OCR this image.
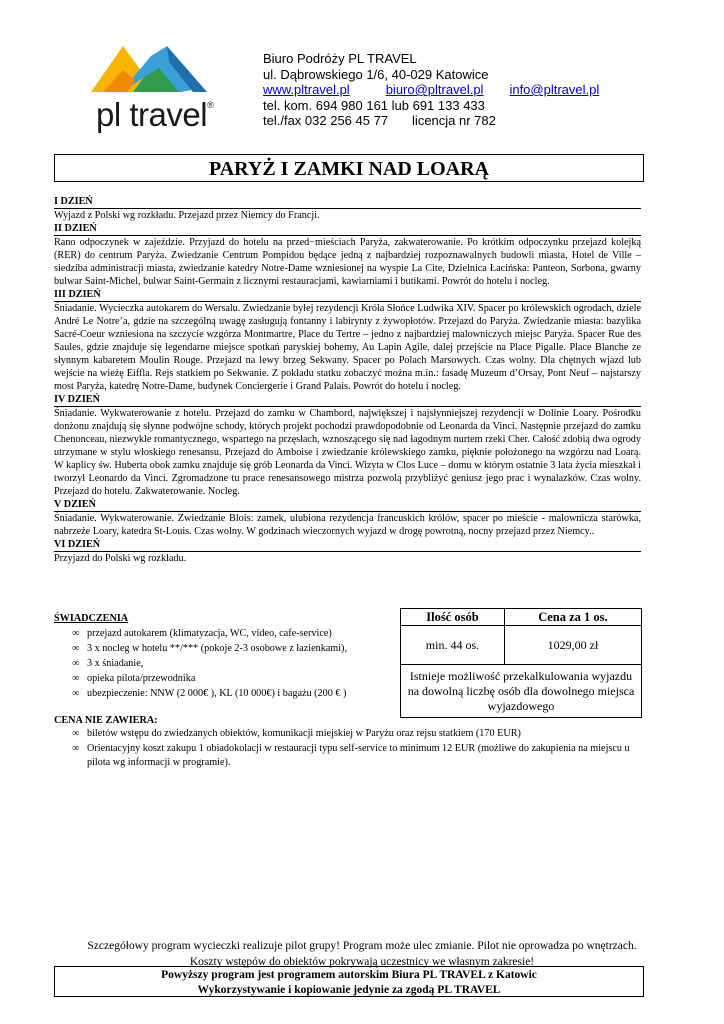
pl travel®
Biuro Podróży PL TRAVEL
ul. Dąbrowskiego 1/6, 40-029 Katowice
www.pltravel.pl	biuro@pltravel.pl info@pltravel.pl
tel. kom. 694 980 161 lub 691 133 433
tel./fax 032 256 45 77 licencja nr 782
PARYŻ I ZAMKI NAD LOARĄ
I DZIEŃ
Wyjazd z Polski wg rozkładu. Przejazd przez Niemcy do Francji.
II DZIEŃ
Rano odpoczynek w zajeździe. Przyjazd do hotelu na przed−mieściach Paryża, zakwaterowanie. Po krótkim odpoczynku przejazd kolejką (RER) do centrum Paryża. Zwiedzanie Centrum Pompidou będące jedną z najbardziej rozpoznawalnych budowli miasta, Hotel de Ville – siedziba administracji miasta, zwiedzanie katedry Notre-Dame wzniesionej na wyspie La Cite, Dzielnica Łacińska: Panteon, Sorbona, gwarny bulwar Saint-Michel, bulwar Saint-Germain z licznymi restauracjami, kawiarniami i butikami. Powrót do hotelu i nocleg.
III DZIEŃ
Śniadanie. Wycieczka autokarem do Wersalu. Zwiedzanie byłej rezydencji Króla Słońce Ludwika XIV. Spacer po królewskich ogrodach, dziele André Le Notre’a, gdzie na szczególną uwagę zasługują fontanny i labirynty z żywopłotów. Przejazd do Paryża. Zwiedzanie miasta: bazylika Sacré-Coeur wzniesiona na szczycie wzgórza Montmartre, Place du Tertre – jedno z najbardziej malowniczych miejsc Paryża. Spacer Rue des Saules, gdzie znajduje się legendarne miejsce spotkań paryskiej bohemy, Au Lapin Agile, dalej przejście na Place Pigalle. Place Blanche ze słynnym kabaretem Moulin Rouge. Przejazd na lewy brzeg Sekwany. Spacer po Polach Marsowych. Czas wolny. Dla chętnych wjazd lub wejście na wieżę Eiffla. Rejs statkiem po Sekwanie. Z pokładu statku zobaczyć można m.in.: fasadę Muzeum d’Orsay, Pont Neuf – najstarszy most Paryża, katedrę Notre-Dame, budynek Conciergerie i Grand Palais. Powrót do hotelu i nocleg.
IV DZIEŃ
Śniadanie. Wykwaterowanie z hotelu. Przejazd do zamku w Chambord, największej i najsłynniejszej rezydencji w Dolinie Loary. Pośrodku donżonu znajdują się słynne podwójne schody, których projekt pochodzi prawdopodobnie od Leonarda da Vinci. Następnie przejazd do zamku Chenonceau, niezwykle romantycznego, wspartego na przęsłach, wznoszącego się nad łagodnym nurtem rzeki Cher. Całość zdobią dwa ogrody utrzymane w stylu włoskiego renesansu. Przejazd do Amboise i zwiedzanie królewskiego zamku, pięknie położonego na wzgórzu nad Loarą. W kaplicy św. Huberta obok zamku znajduje się grób Leonarda da Vinci. Wizyta w Clos Luce – domu w którym ostatnie 3 lata życia mieszkał i tworzył Leonardo da Vinci. Zgromadzone tu prace renesansowego mistrza pozwolą przybliżyć geniusz jego prac i wynalazków. Czas wolny. Przejazd do hotelu. Zakwaterowanie. Nocleg.
V DZIEŃ
Śniadanie. Wykwaterowanie. Zwiedzanie Blois: zamek, ulubiona rezydencja francuskich królów, spacer po mieście - malownicza starówka, nabrzeże Loary, katedra St-Louis. Czas wolny. W godzinach wieczornych wyjazd w drogę powrotną, nocny przejazd przez Niemcy..
VI DZIEŃ
Przyjazd do Polski wg rozkładu.
ŚWIADCZENIA
∞ przejazd autokarem (klimatyzacja, WC, video, cafe-service)
∞ 3 x nocleg w hotelu **/*** (pokoje 2-3 osobowe z łazienkami),
∞ 3 x śniadanie,
∞ opieka pilota/przewodnika
∞ ubezpieczenie: NNW (2 000€ ), KL (10 000€) i bagażu (200 € )
Ilość osób	Cena za 1 os.
min. 44 os.	1029,00 zł
Istnieje możliwość przekalkulowania wyjazdu na dowolną liczbę osób dla dowolnego miejsca wyjazdowego	
CENA NIE ZAWIERA:
∞ biletów wstępu do zwiedzanych obiektów, komunikacji miejskiej w Paryżu oraz rejsu statkiem (170 EUR)
∞ Orientacyjny koszt zakupu 1 obiadokolacji w restauracji typu self-service to minimum 12 EUR (możliwe do zakupienia na miejscu u pilota wg informacji w programie).
Szczegółowy program wycieczki realizuje pilot grupy! Program może ulec zmianie. Pilot nie oprowadza po wnętrzach.
Koszty wstępów do obiektów pokrywają uczestnicy we własnym zakresie!
Powyższy program jest programem autorskim Biura PL TRAVEL z Katowic
Wykorzystywanie i kopiowanie jedynie za zgodą PL TRAVEL
